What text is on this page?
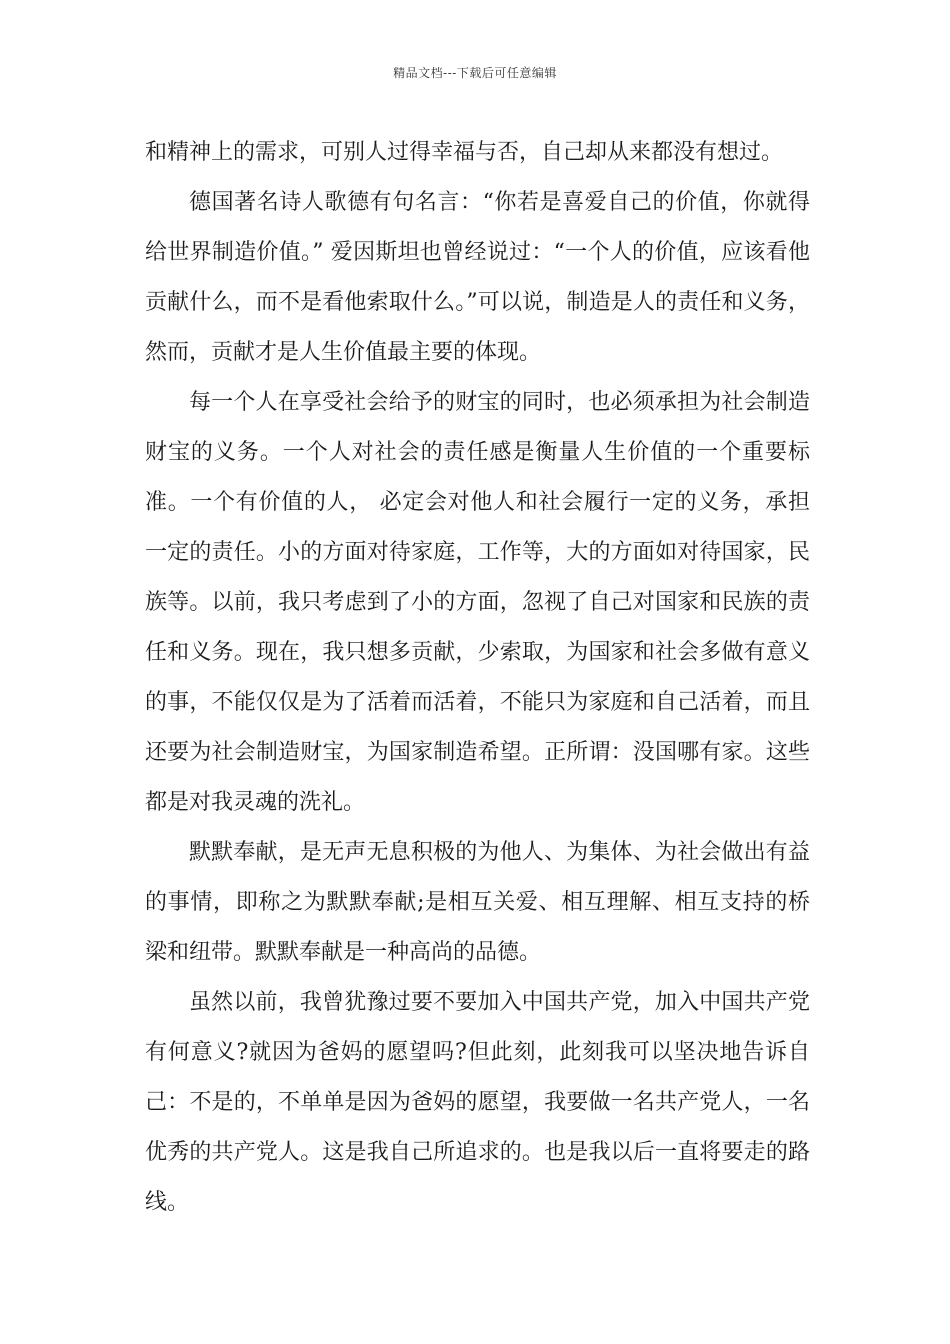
精品文档---下载后可任意编辑

和精神上的需求，可别人过得幸福与否，自己却从来都没有想过。

德国著名诗人歌德有句名言：“你若是喜爱自己的价值，你就得给世界制造价值。” 爱因斯坦也曾经说过：“一个人的价值，应该看他贡献什么，而不是看他索取什么。”可以说，制造是人的责任和义务，然而，贡献才是人生价值最主要的体现。

每一个人在享受社会给予的财宝的同时，也必须承担为社会制造财宝的义务。一个人对社会的责任感是衡量人生价值的一个重要标准。一个有价值的人， 必定会对他人和社会履行一定的义务，承担一定的责任。小的方面对待家庭，工作等，大的方面如对待国家，民族等。以前，我只考虑到了小的方面，忽视了自己对国家和民族的责任和义务。现在，我只想多贡献，少索取，为国家和社会多做有意义的事，不能仅仅是为了活着而活着，不能只为家庭和自己活着，而且还要为社会制造财宝，为国家制造希望。正所谓：没国哪有家。这些都是对我灵魂的洗礼。

默默奉献，是无声无息积极的为他人、为集体、为社会做出有益的事情，即称之为默默奉献;是相互关爱、相互理解、相互支持的桥梁和纽带。默默奉献是一种高尚的品德。

虽然以前，我曾犹豫过要不要加入中国共产党，加入中国共产党有何意义?就因为爸妈的愿望吗?但此刻，此刻我可以坚决地告诉自己：不是的，不单单是因为爸妈的愿望，我要做一名共产党人，一名优秀的共产党人。这是我自己所追求的。也是我以后一直将要走的路线。
